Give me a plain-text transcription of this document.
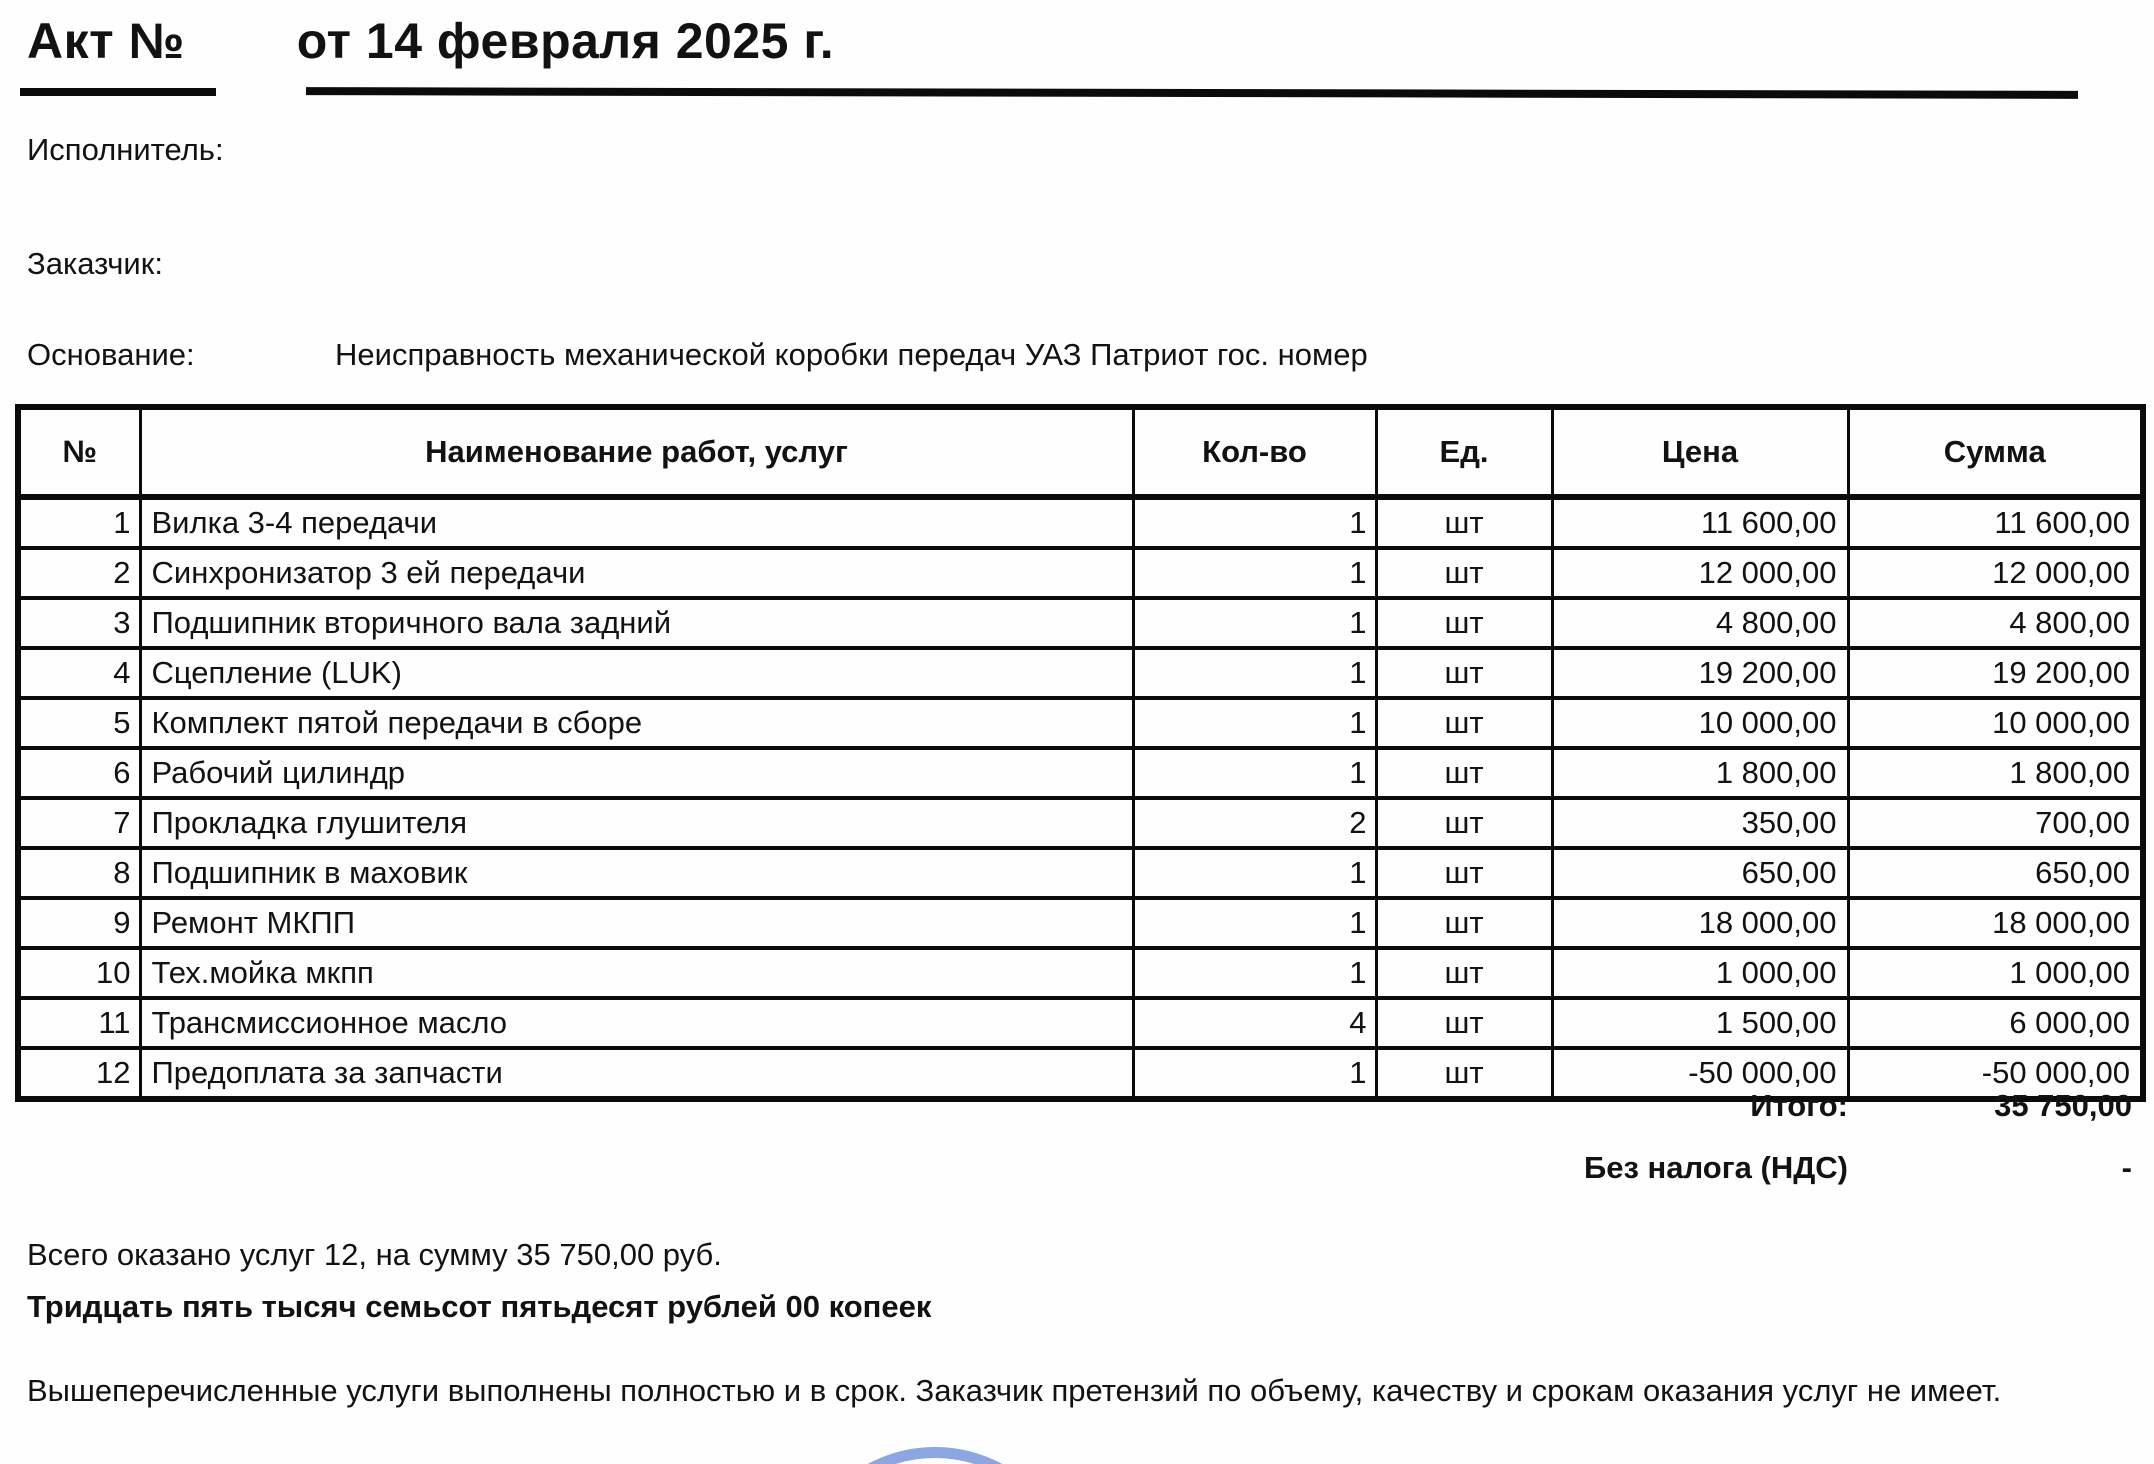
Акт № от 14 февраля 2025 г.
Исполнитель:
Заказчик:
Основание:	Неисправность механической коробки передач УАЗ Патриот гос. номер
№	Наименование работ, услуг	Кол-во	Ед.	Цена	Сумма
1	Вилка 3-4 передачи	1	шт	11 600,00	11 600,00
2	Синхронизатор 3 ей передачи	1	шт	12 000,00	12 000,00
3	Подшипник вторичного вала задний	1	шт	4 800,00	4 800,00
4	Сцепление (LUK)	1	шт	19 200,00	19 200,00
5	Комплект пятой передачи в сборе	1	шт	10 000,00	10 000,00
6	Рабочий цилиндр	1	шт	1 800,00	1 800,00
7	Прокладка глушителя	2	шт	350,00	700,00
8	Подшипник в маховик	1	шт	650,00	650,00
9	Ремонт МКПП	1	шт	18 000,00	18 000,00
10	Тех.мойка мкпп	1	шт	1 000,00	1 000,00
11	Трансмиссионное масло	4	шт	1 500,00	6 000,00
12	Предоплата за запчасти	1	шт	-50 000,00	-50 000,00
Итого:	35 750,00
Без налога (НДС)	-
Всего оказано услуг 12, на сумму 35 750,00 руб.
Тридцать пять тысяч семьсот пятьдесят рублей 00 копеек
Вышеперечисленные услуги выполнены полностью и в срок. Заказчик претензий по объему, качеству и срокам оказания услуг не имеет.
